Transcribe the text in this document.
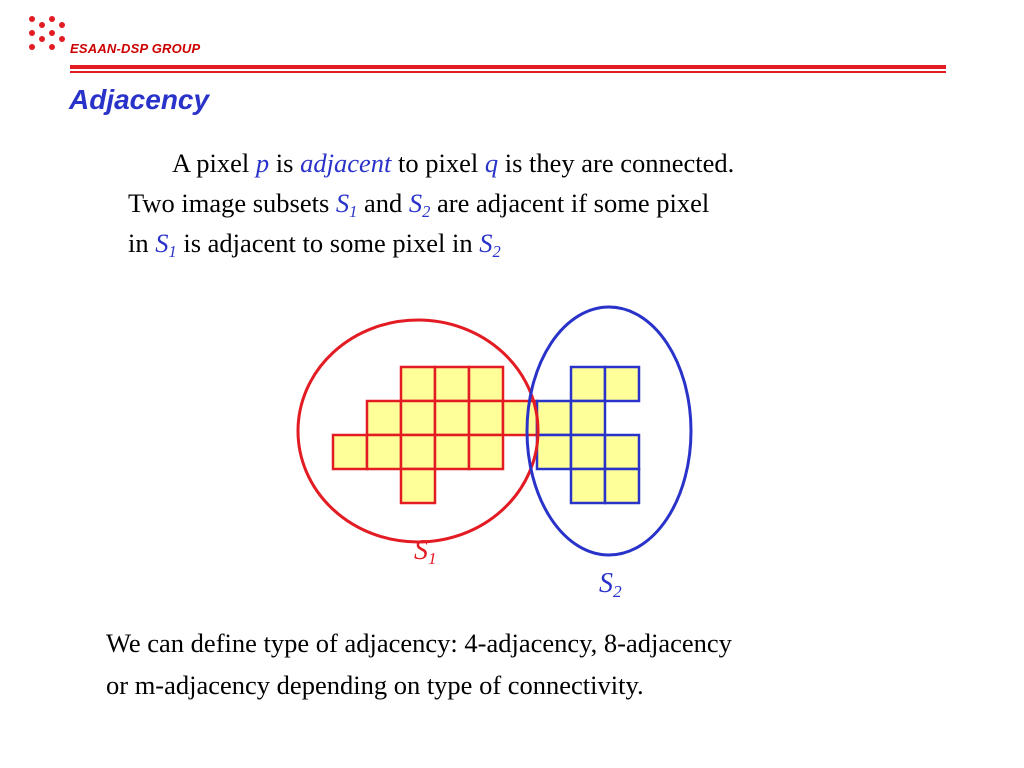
ESAAN-DSP GROUP
Adjacency
A pixel p is adjacent to pixel q is they are connected.
Two image subsets $S_1$ and $S_2$ are adjacent if some pixel
in $S_1$ is adjacent to some pixel in $S_2$
$S_1$
$S_2$
We can define type of adjacency: 4-adjacency, 8-adjacency
or m-adjacency depending on type of connectivity.
